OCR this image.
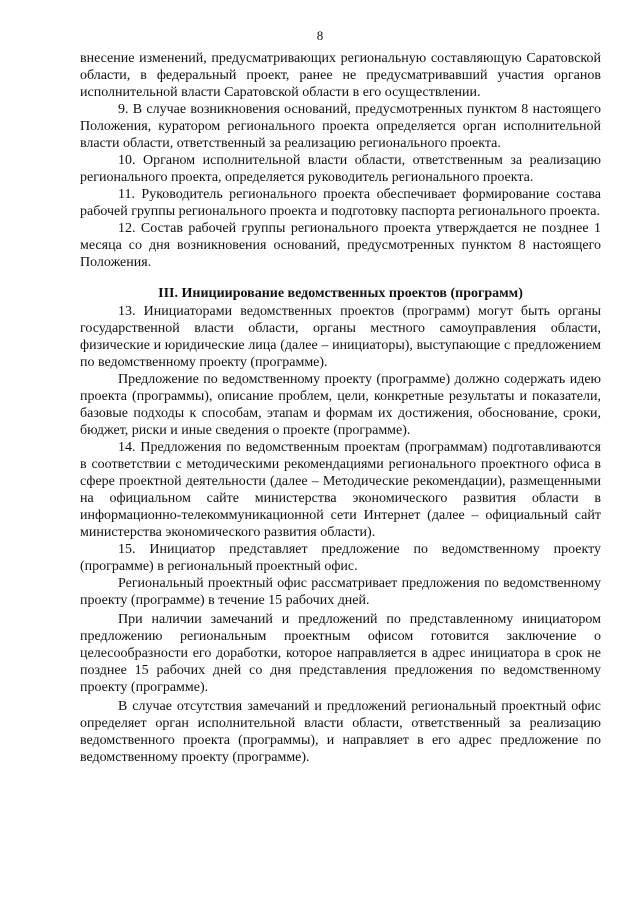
8

внесение изменений, предусматривающих региональную составляющую Саратовской области, в федеральный проект, ранее не предусматривавший участия органов исполнительной власти Саратовской области в его осуществлении.

9. В случае возникновения оснований, предусмотренных пунктом 8 настоящего Положения, куратором регионального проекта определяется орган исполнительной власти области, ответственный за реализацию регионального проекта.

10. Органом исполнительной власти области, ответственным за реализацию регионального проекта, определяется руководитель регионального проекта.

11. Руководитель регионального проекта обеспечивает формирование состава рабочей группы регионального проекта и подготовку паспорта регионального проекта.

12. Состав рабочей группы регионального проекта утверждается не позднее 1 месяца со дня возникновения оснований, предусмотренных пунктом 8 настоящего Положения.

III. Инициирование ведомственных проектов (программ)

13. Инициаторами ведомственных проектов (программ) могут быть органы государственной власти области, органы местного самоуправления области, физические и юридические лица (далее – инициаторы), выступающие с предложением по ведомственному проекту (программе).

Предложение по ведомственному проекту (программе) должно содержать идею проекта (программы), описание проблем, цели, конкретные результаты и показатели, базовые подходы к способам, этапам и формам их достижения, обоснование, сроки, бюджет, риски и иные сведения о проекте (программе).

14. Предложения по ведомственным проектам (программам) подготавливаются в соответствии с методическими рекомендациями регионального проектного офиса в сфере проектной деятельности (далее – Методические рекомендации), размещенными на официальном сайте министерства экономического развития области в информационно-телекоммуникационной сети Интернет (далее – официальный сайт министерства экономического развития области).

15. Инициатор представляет предложение по ведомственному проекту (программе) в региональный проектный офис.

Региональный проектный офис рассматривает предложения по ведомственному проекту (программе) в течение 15 рабочих дней.

При наличии замечаний и предложений по представленному инициатором предложению региональным проектным офисом готовится заключение о целесообразности его доработки, которое направляется в адрес инициатора в срок не позднее 15 рабочих дней со дня представления предложения по ведомственному проекту (программе).

В случае отсутствия замечаний и предложений региональный проектный офис определяет орган исполнительной власти области, ответственный за реализацию ведомственного проекта (программы), и направляет в его адрес предложение по ведомственному проекту (программе).
